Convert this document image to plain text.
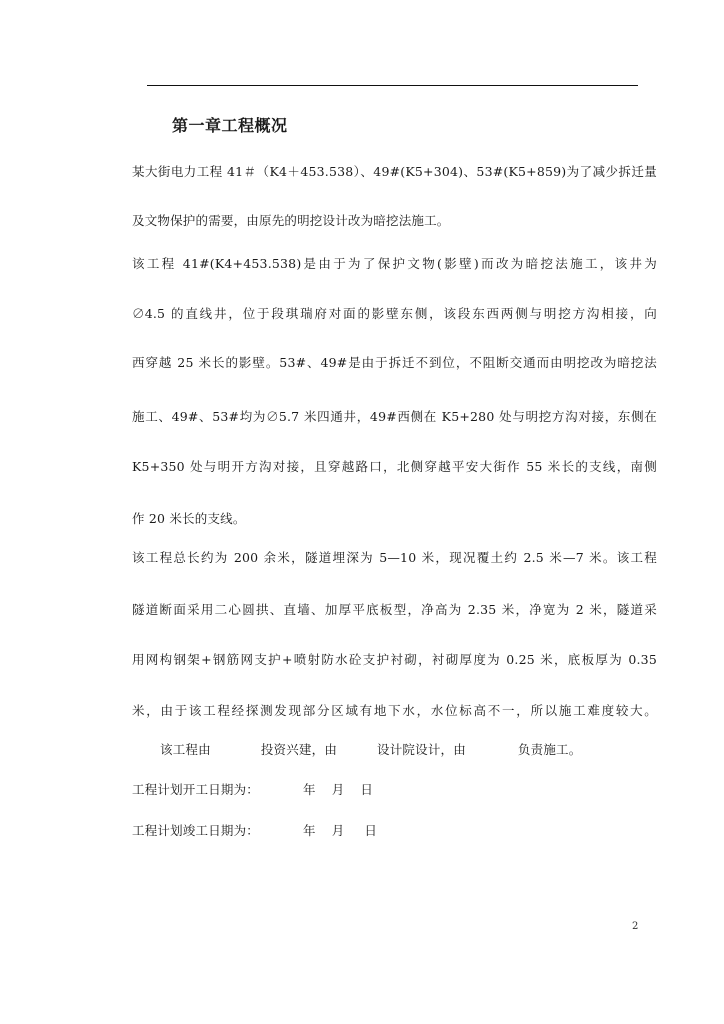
第一章工程概况
某大街电力工程 41＃（K4＋453.538）、49#(K5+304)、53#(K5+859)为了减少拆迁量
及文物保护的需要，由原先的明挖设计改为暗挖法施工。
该工程 41#(K4+453.538)是由于为了保护文物(影壁)而改为暗挖法施工，该井为
∅4.5 的直线井，位于段琪瑞府对面的影壁东侧，该段东西两侧与明挖方沟相接，向
西穿越 25 米长的影壁。53#、49#是由于拆迁不到位，不阻断交通而由明挖改为暗挖法
施工、49#、53#均为∅5.7 米四通井，49#西侧在 K5+280 处与明挖方沟对接，东侧在
K5+350 处与明开方沟对接，且穿越路口，北侧穿越平安大街作 55 米长的支线，南侧
作 20 米长的支线。
该工程总长约为 200 余米，隧道埋深为 5—10 米，现况覆土约 2.5 米—7 米。该工程
隧道断面采用二心圆拱、直墙、加厚平底板型，净高为 2.35 米，净宽为 2 米，隧道采
用网构钢架+钢筋网支护+喷射防水砼支护衬砌，衬砌厚度为 0.25 米，底板厚为 0.35
米，由于该工程经探测发现部分区域有地下水，水位标高不一，所以施工难度较大。
该工程由	投资兴建，由	设计院设计，由	负责施工。
工程计划开工日期为：	年 月 日
工程计划竣工日期为：	年 月 日
2
